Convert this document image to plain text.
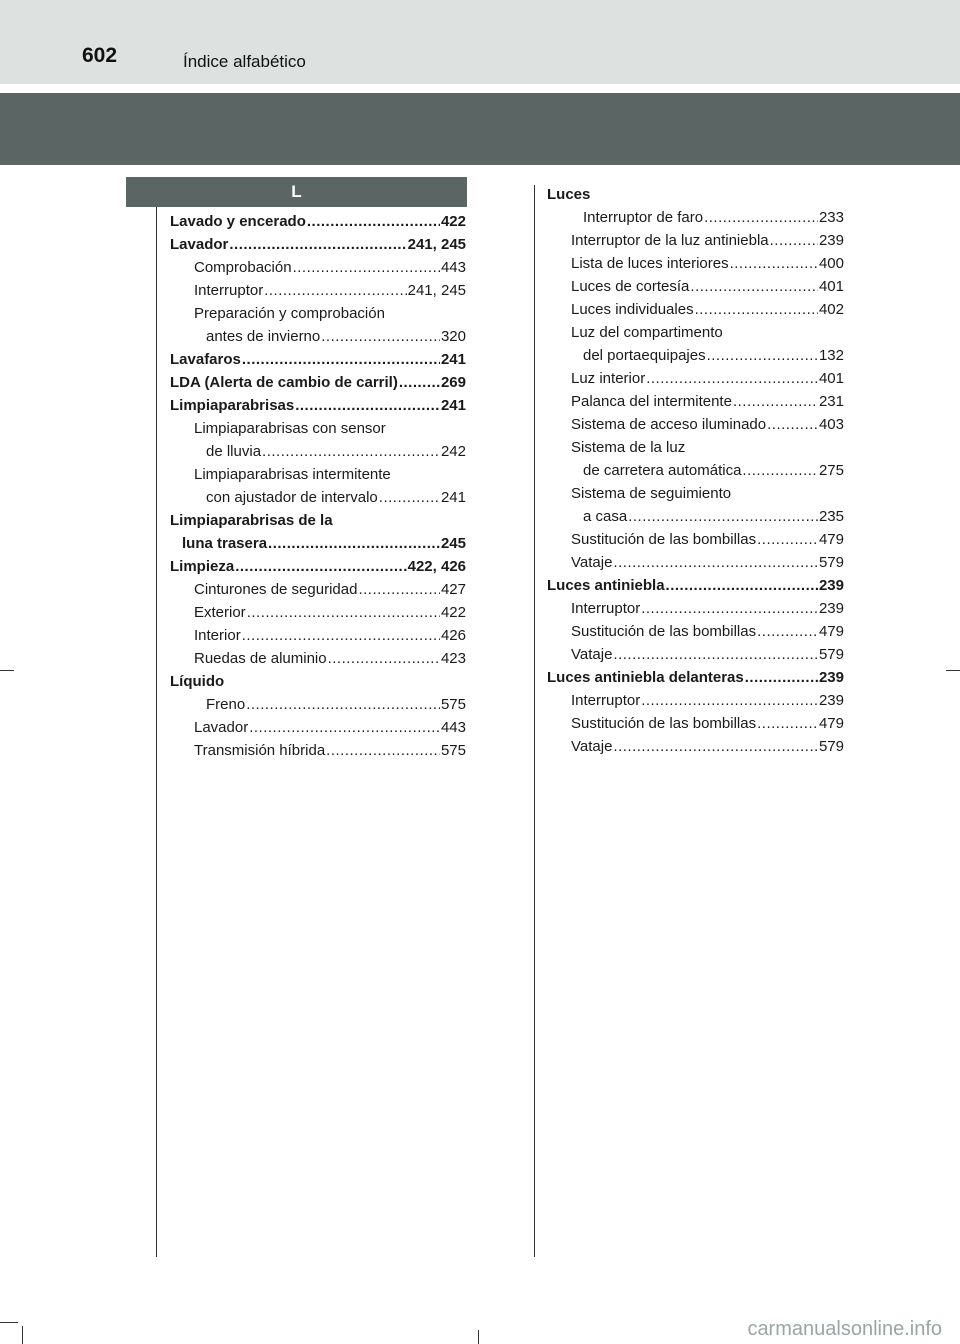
602	Índice alfabético
L
Lavado y encerado .....	422
Lavador .....	241, 245
Comprobación .....	443
Interruptor .....	241, 245
Preparación y comprobación
antes de invierno .....	320
Lavafaros .....	241
LDA (Alerta de cambio de carril) .....	269
Limpiaparabrisas .....	241
Limpiaparabrisas con sensor
de lluvia .....	242
Limpiaparabrisas intermitente
con ajustador de intervalo .....	241
Limpiaparabrisas de la
luna trasera .....	245
Limpieza .....	422, 426
Cinturones de seguridad .....	427
Exterior .....	422
Interior .....	426
Ruedas de aluminio .....	423
Líquido
Freno .....	575
Lavador .....	443
Transmisión híbrida .....	575
Luces
Interruptor de faro .....	233
Interruptor de la luz antiniebla .....	239
Lista de luces interiores .....	400
Luces de cortesía .....	401
Luces individuales .....	402
Luz del compartimento
del portaequipajes .....	132
Luz interior .....	401
Palanca del intermitente .....	231
Sistema de acceso iluminado .....	403
Sistema de la luz
de carretera automática .....	275
Sistema de seguimiento
a casa .....	235
Sustitución de las bombillas .....	479
Vataje .....	579
Luces antiniebla .....	239
Interruptor .....	239
Sustitución de las bombillas .....	479
Vataje .....	579
Luces antiniebla delanteras .....	239
Interruptor .....	239
Sustitución de las bombillas .....	479
Vataje .....	579
carmanualsonline.info
